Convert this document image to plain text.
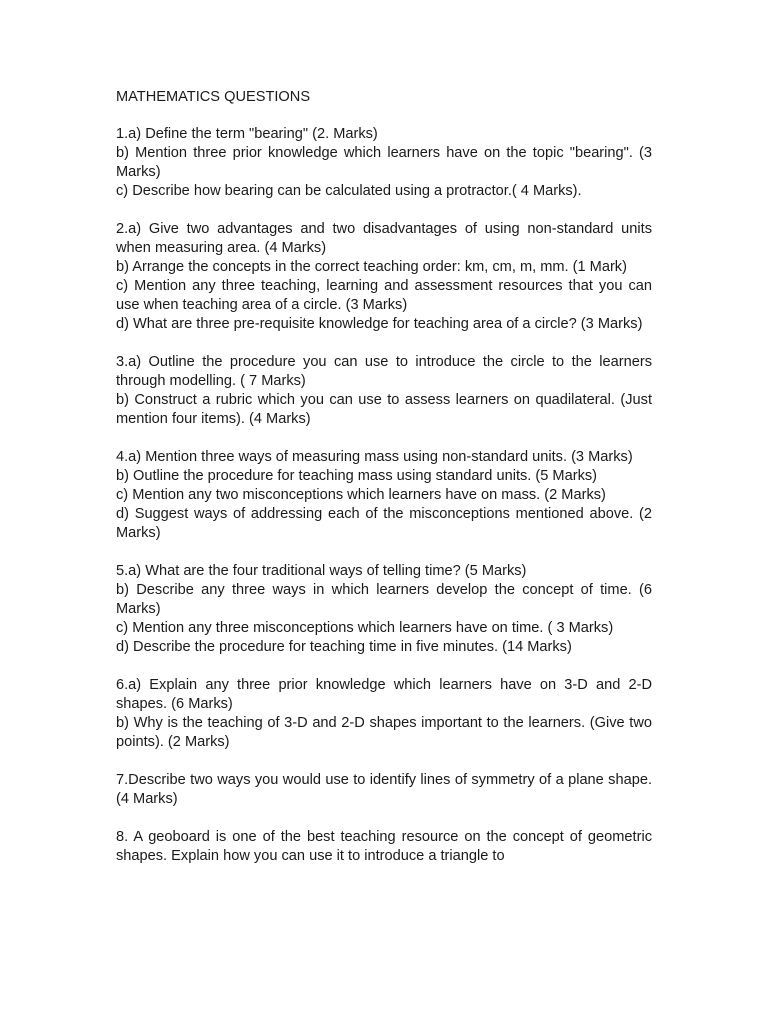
MATHEMATICS QUESTIONS

1.a) Define the term "bearing" (2. Marks)

b) Mention three prior knowledge which learners have on the topic "bearing". (3 Marks)

c) Describe how bearing can be calculated using a protractor.( 4 Marks).

2.a) Give two advantages and two disadvantages of using non-standard units when measuring area. (4 Marks)

b) Arrange the concepts in the correct teaching order: km, cm, m, mm. (1 Mark)

c) Mention any three teaching, learning and assessment resources that you can use when teaching area of a circle. (3 Marks)

d) What are three pre-requisite knowledge for teaching area of a circle? (3 Marks)

3.a) Outline the procedure you can use to introduce the circle to the learners through modelling. ( 7 Marks)

b) Construct a rubric which you can use to assess learners on quadilateral. (Just mention four items). (4 Marks)

4.a) Mention three ways of measuring mass using non-standard units. (3 Marks)

b) Outline the procedure for teaching mass using standard units. (5 Marks)

c) Mention any two misconceptions which learners have on mass. (2 Marks)

d) Suggest ways of addressing each of the misconceptions mentioned above. (2 Marks)

5.a) What are the four traditional ways of telling time? (5 Marks)

b) Describe any three ways in which learners develop the concept of time. (6 Marks)

c) Mention any three misconceptions which learners have on time. ( 3 Marks)

d) Describe the procedure for teaching time in five minutes. (14 Marks)

6.a) Explain any three prior knowledge which learners have on 3-D and 2-D shapes. (6 Marks)

b) Why is the teaching of 3-D and 2-D shapes important to the learners. (Give two points). (2 Marks)

7.Describe two ways you would use to identify lines of symmetry of a plane shape. (4 Marks)

8. A geoboard is one of the best teaching resource on the concept of geometric shapes. Explain how you can use it to introduce a triangle to
